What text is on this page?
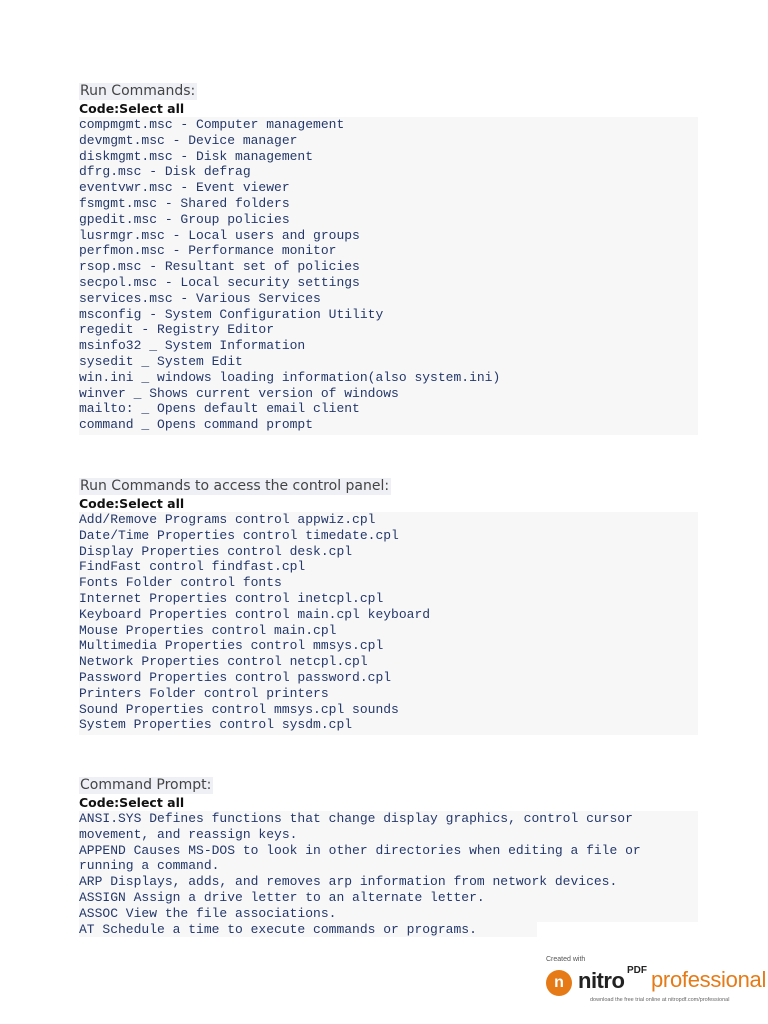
Run Commands:
Code:Select all
compmgmt.msc - Computer management
devmgmt.msc - Device manager
diskmgmt.msc - Disk management
dfrg.msc - Disk defrag
eventvwr.msc - Event viewer
fsmgmt.msc - Shared folders
gpedit.msc - Group policies
lusrmgr.msc - Local users and groups
perfmon.msc - Performance monitor
rsop.msc - Resultant set of policies
secpol.msc - Local security settings
services.msc - Various Services
msconfig - System Configuration Utility
regedit - Registry Editor
msinfo32 _ System Information
sysedit _ System Edit
win.ini _ windows loading information(also system.ini)
winver _ Shows current version of windows
mailto: _ Opens default email client
command _ Opens command prompt
Run Commands to access the control panel:
Code:Select all
Add/Remove Programs control appwiz.cpl
Date/Time Properties control timedate.cpl
Display Properties control desk.cpl
FindFast control findfast.cpl
Fonts Folder control fonts
Internet Properties control inetcpl.cpl
Keyboard Properties control main.cpl keyboard
Mouse Properties control main.cpl
Multimedia Properties control mmsys.cpl
Network Properties control netcpl.cpl
Password Properties control password.cpl
Printers Folder control printers
Sound Properties control mmsys.cpl sounds
System Properties control sysdm.cpl
Command Prompt:
Code:Select all
ANSI.SYS Defines functions that change display graphics, control cursor
movement, and reassign keys.
APPEND Causes MS-DOS to look in other directories when editing a file or
running a command.
ARP Displays, adds, and removes arp information from network devices.
ASSIGN Assign a drive letter to an alternate letter.
ASSOC View the file associations.
AT Schedule a time to execute commands or programs.
Created with
n nitro PDF professional
download the free trial online at nitropdf.com/professional
